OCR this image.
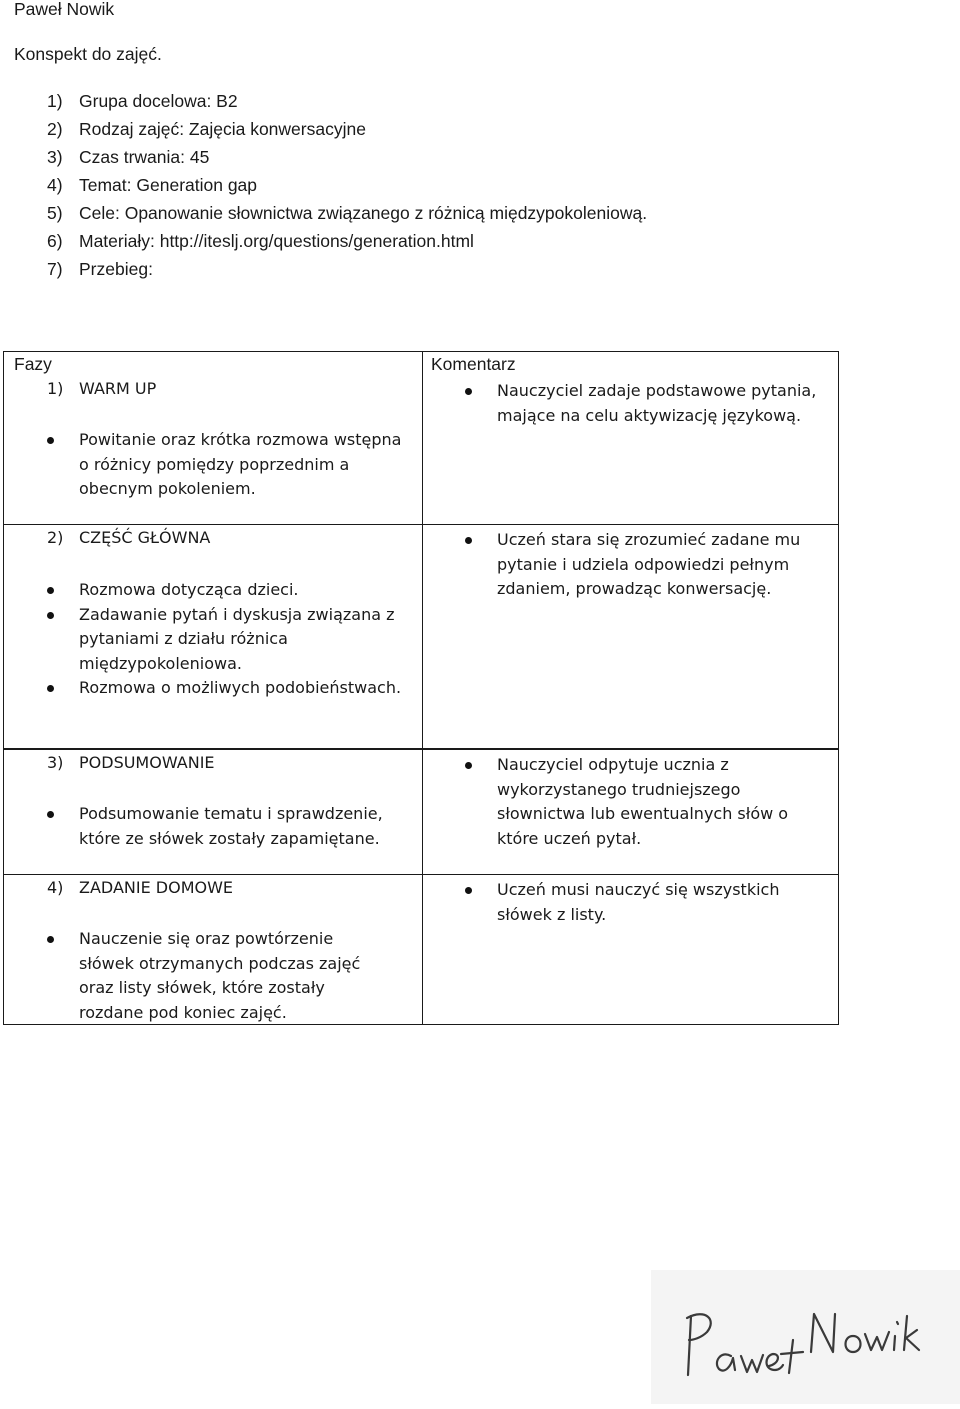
Paweł Nowik
Konspekt do zajęć.
1) Grupa docelowa: B2
2) Rodzaj zajęć: Zajęcia konwersacyjne
3) Czas trwania: 45
4) Temat: Generation gap
5) Cele: Opanowanie słownictwa związanego z różnicą międzypokoleniową.
6) Materiały: http://iteslj.org/questions/generation.html
7) Przebieg:
Fazy	Komentarz
1) WARM UP
Powitanie oraz krótka rozmowa wstępna o różnicy pomiędzy poprzednim a obecnym pokoleniem.
Nauczyciel zadaje podstawowe pytania, mające na celu aktywizację językową.
2) CZĘŚĆ GŁÓWNA
Rozmowa dotycząca dzieci.
Zadawanie pytań i dyskusja związana z pytaniami z działu różnica międzypokoleniowa.
Rozmowa o możliwych podobieństwach.
Uczeń stara się zrozumieć zadane mu pytanie i udziela odpowiedzi pełnym zdaniem, prowadząc konwersację.
3) PODSUMOWANIE
Podsumowanie tematu i sprawdzenie, które ze słówek zostały zapamiętane.
Nauczyciel odpytuje ucznia z wykorzystanego trudniejszego słownictwa lub ewentualnych słów o które uczeń pytał.
4) ZADANIE DOMOWE
Nauczenie się oraz powtórzenie słówek otrzymanych podczas zajęć oraz listy słówek, które zostały rozdane pod koniec zajęć.
Uczeń musi nauczyć się wszystkich słówek z listy.
